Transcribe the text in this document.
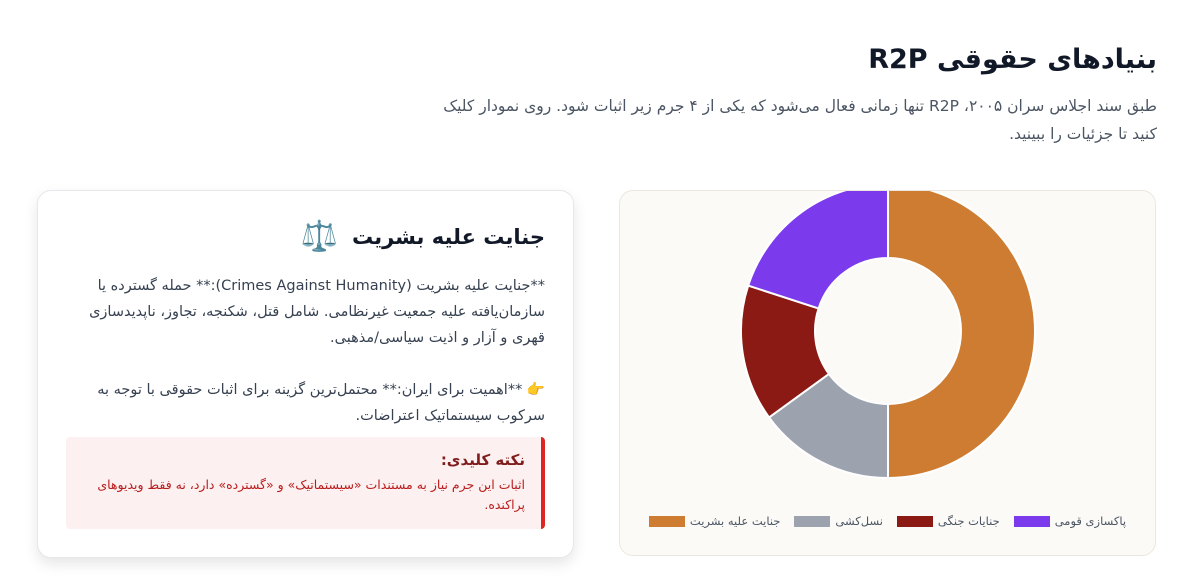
بنیادهای حقوقی R2P
طبق سند اجلاس سران ۲۰۰۵، R2P تنها زمانی فعال می‌شود که یکی از ۴ جرم زیر اثبات شود. روی نمودار کلیک کنید تا جزئیات را ببینید.
جنایت علیه بشریت	نسل‌کشی	جنایات جنگی	پاکسازی قومی
جنایت علیه بشریت
⚖️

**جنایت علیه بشریت (Crimes Against Humanity):** حمله گسترده یا سازمان‌یافته علیه جمعیت غیرنظامی. شامل قتل، شکنجه، تجاوز، ناپدیدسازی قهری و آزار و اذیت سیاسی/مذهبی.

👉 **اهمیت برای ایران:** محتمل‌ترین گزینه برای اثبات حقوقی با توجه به سرکوب سیستماتیک اعتراضات.

نکته کلیدی:
اثبات این جرم نیاز به مستندات «سیستماتیک» و «گسترده» دارد، نه فقط ویدیوهای پراکنده.
